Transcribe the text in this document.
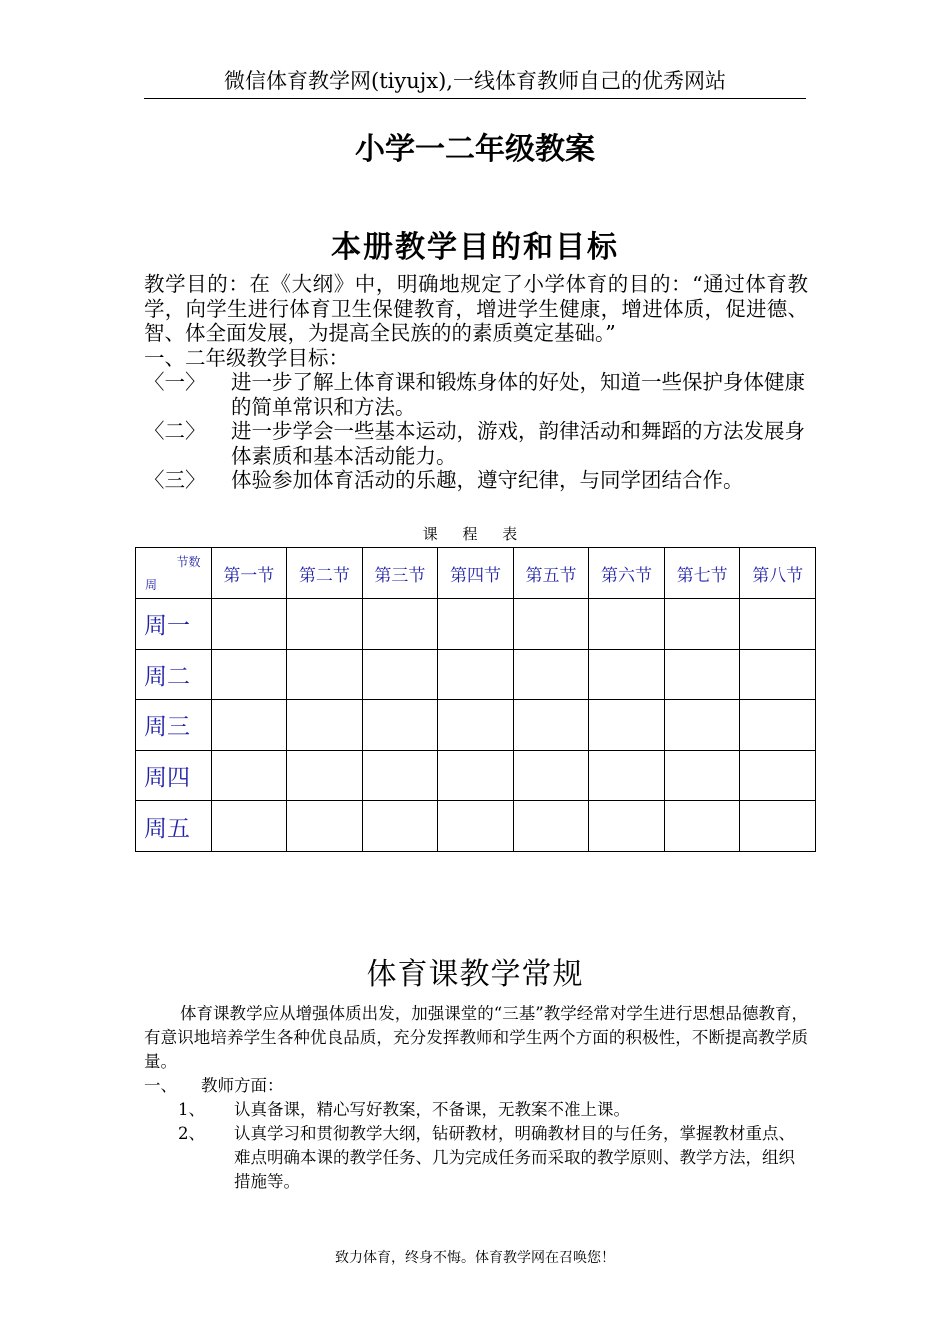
微信体育教学网(tiyujx),一线体育教师自己的优秀网站
小学一二年级教案
本册教学目的和目标

教学目的：在《大纲》中，明确地规定了小学体育的目的：“通过体育教学，向学生进行体育卫生保健教育，增进学生健康，增进体质，促进德、智、体全面发展，为提高全民族的的素质奠定基础。”

一、二年级教学目标：

〈一〉	进一步了解上体育课和锻炼身体的好处，知道一些保护身体健康的简单常识和方法。
〈二〉	进一步学会一些基本运动，游戏，韵律活动和舞蹈的方法发展身体素质和基本活动能力。
〈三〉	体验参加体育活动的乐趣，遵守纪律，与同学团结合作。
课 程 表
节数
周	第一节	第二节	第三节	第四节	第五节	第六节	第七节	第八节
周一								
周二								
周三								
周四								
周五								
体育课教学常规

体育课教学应从增强体质出发，加强课堂的“三基”教学经常对学生进行思想品德教育，有意识地培养学生各种优良品质，充分发挥教师和学生两个方面的积极性，不断提高教学质量。

一、	教师方面：
1、	认真备课，精心写好教案，不备课，无教案不准上课。
2、	认真学习和贯彻教学大纲，钻研教材，明确教材目的与任务，掌握教材重点、难点明确本课的教学任务、几为完成任务而采取的教学原则、教学方法，组织措施等。
致力体育，终身不悔。体育教学网在召唤您！
